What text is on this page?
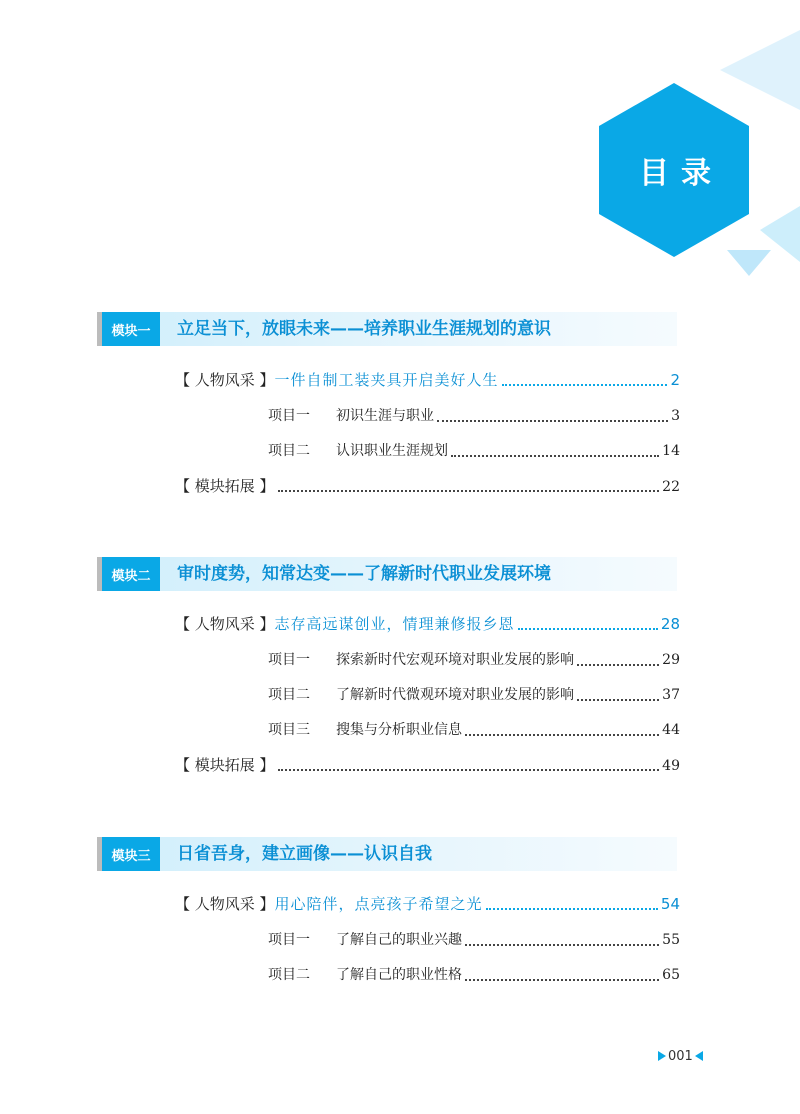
目录
模块一	立足当下，放眼未来——培养职业生涯规划的意识
【 人物风采 】 一件自制工装夹具开启美好人生	2
项目一	初识生涯与职业	3
项目二	认识职业生涯规划	14
【 模块拓展 】	22
模块二	审时度势，知常达变——了解新时代职业发展环境
【 人物风采 】 志存高远谋创业，情理兼修报乡恩	28
项目一	探索新时代宏观环境对职业发展的影响	29
项目二	了解新时代微观环境对职业发展的影响	37
项目三	搜集与分析职业信息	44
【 模块拓展 】	49
模块三	日省吾身，建立画像——认识自我
【 人物风采 】 用心陪伴，点亮孩子希望之光	54
项目一	了解自己的职业兴趣	55
项目二	了解自己的职业性格	65
001
